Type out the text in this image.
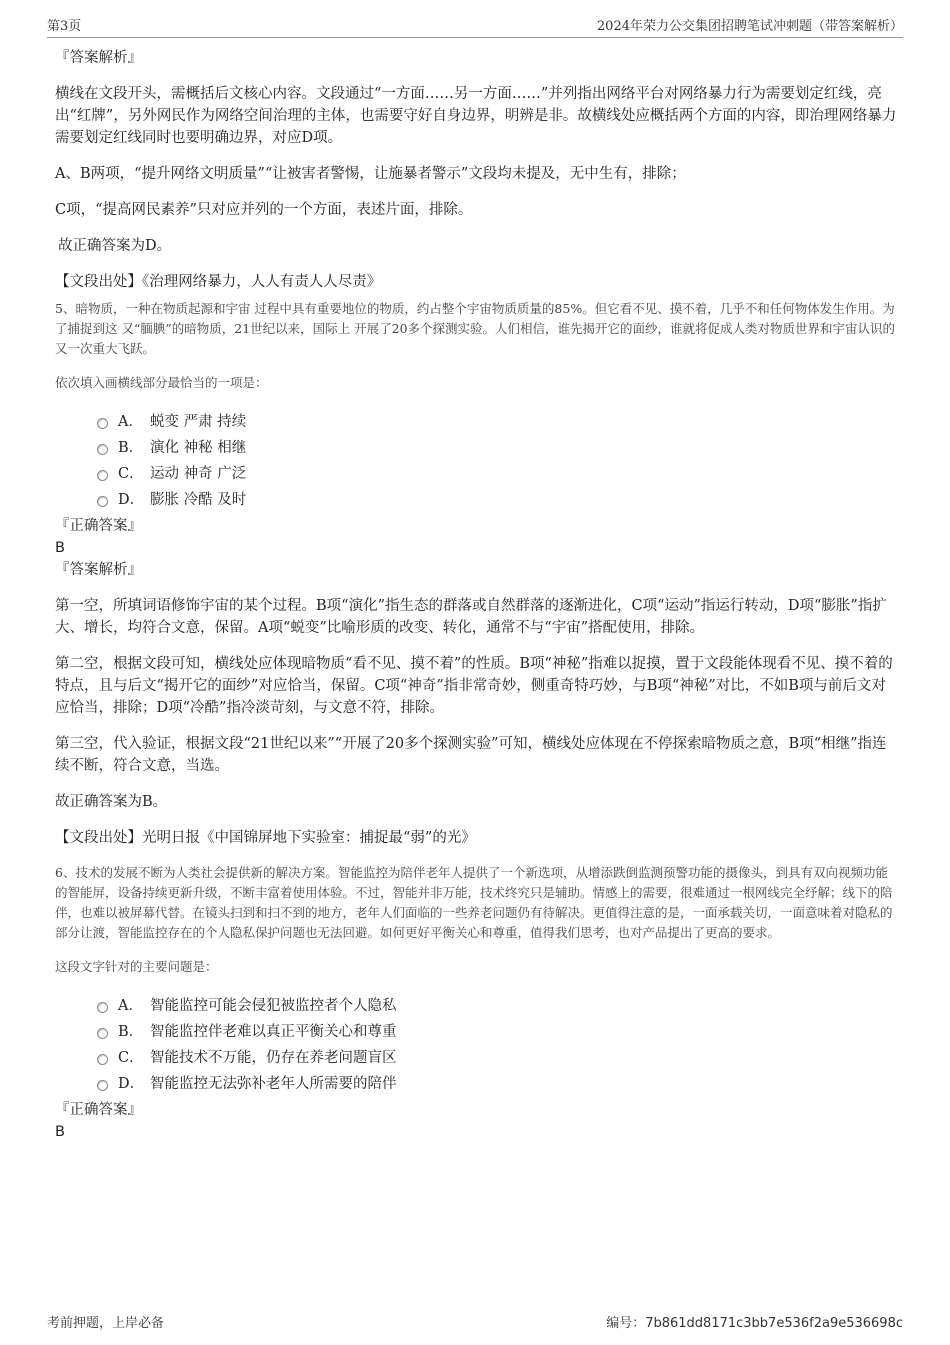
第3页	2024年荣力公交集团招聘笔试冲刺题（带答案解析）

『答案解析』

横线在文段开头，需概括后文核心内容。文段通过“一方面……另一方面……”并列指出网络平台对网络暴力行为需要划定红线，亮出“红牌”，另外网民作为网络空间治理的主体，也需要守好自身边界，明辨是非。故横线处应概括两个方面的内容，即治理网络暴力需要划定红线同时也要明确边界，对应D项。

A、B两项，“提升网络文明质量”“让被害者警惕，让施暴者警示”文段均未提及，无中生有，排除；

C项，“提高网民素养”只对应并列的一个方面，表述片面，排除。

故正确答案为D。

【文段出处】《治理网络暴力，人人有责人人尽责》

5、暗物质，一种在物质起源和宇宙 过程中具有重要地位的物质，约占整个宇宙物质质量的85%。但它看不见、摸不着，几乎不和任何物体发生作用。为了捕捉到这 又“腼腆”的暗物质，21世纪以来，国际上 开展了20多个探测实验。人们相信，谁先揭开它的面纱，谁就将促成人类对物质世界和宇宙认识的又一次重大飞跃。

依次填入画横线部分最恰当的一项是：

A． 蜕变 严肃 持续
B． 演化 神秘 相继
C． 运动 神奇 广泛
D． 膨胀 冷酷 及时

『正确答案』

B

『答案解析』

第一空，所填词语修饰宇宙的某个过程。B项“演化”指生态的群落或自然群落的逐渐进化，C项“运动”指运行转动，D项“膨胀”指扩大、增长，均符合文意，保留。A项“蜕变”比喻形质的改变、转化，通常不与“宇宙”搭配使用，排除。

第二空，根据文段可知，横线处应体现暗物质“看不见、摸不着”的性质。B项“神秘”指难以捉摸，置于文段能体现看不见、摸不着的特点，且与后文“揭开它的面纱”对应恰当，保留。C项“神奇”指非常奇妙，侧重奇特巧妙，与B项“神秘”对比，不如B项与前后文对应恰当，排除；D项“冷酷”指冷淡苛刻，与文意不符，排除。

第三空，代入验证，根据文段“21世纪以来”“开展了20多个探测实验”可知，横线处应体现在不停探索暗物质之意，B项“相继”指连续不断，符合文意，当选。

故正确答案为B。

【文段出处】光明日报《中国锦屏地下实验室：捕捉最“弱”的光》

6、技术的发展不断为人类社会提供新的解决方案。智能监控为陪伴老年人提供了一个新选项，从增添跌倒监测预警功能的摄像头，到具有双向视频功能的智能屏，设备持续更新升级，不断丰富着使用体验。不过，智能并非万能，技术终究只是辅助。情感上的需要，很难通过一根网线完全纾解；线下的陪伴，也难以被屏幕代替。在镜头扫到和扫不到的地方，老年人们面临的一些养老问题仍有待解决。更值得注意的是，一面承载关切，一面意味着对隐私的部分让渡，智能监控存在的个人隐私保护问题也无法回避。如何更好平衡关心和尊重，值得我们思考，也对产品提出了更高的要求。

这段文字针对的主要问题是：

A． 智能监控可能会侵犯被监控者个人隐私
B． 智能监控伴老难以真正平衡关心和尊重
C． 智能技术不万能，仍存在养老问题盲区
D． 智能监控无法弥补老年人所需要的陪伴

『正确答案』

B

考前押题，上岸必备	编号：7b861dd8171c3bb7e536f2a9e536698c
